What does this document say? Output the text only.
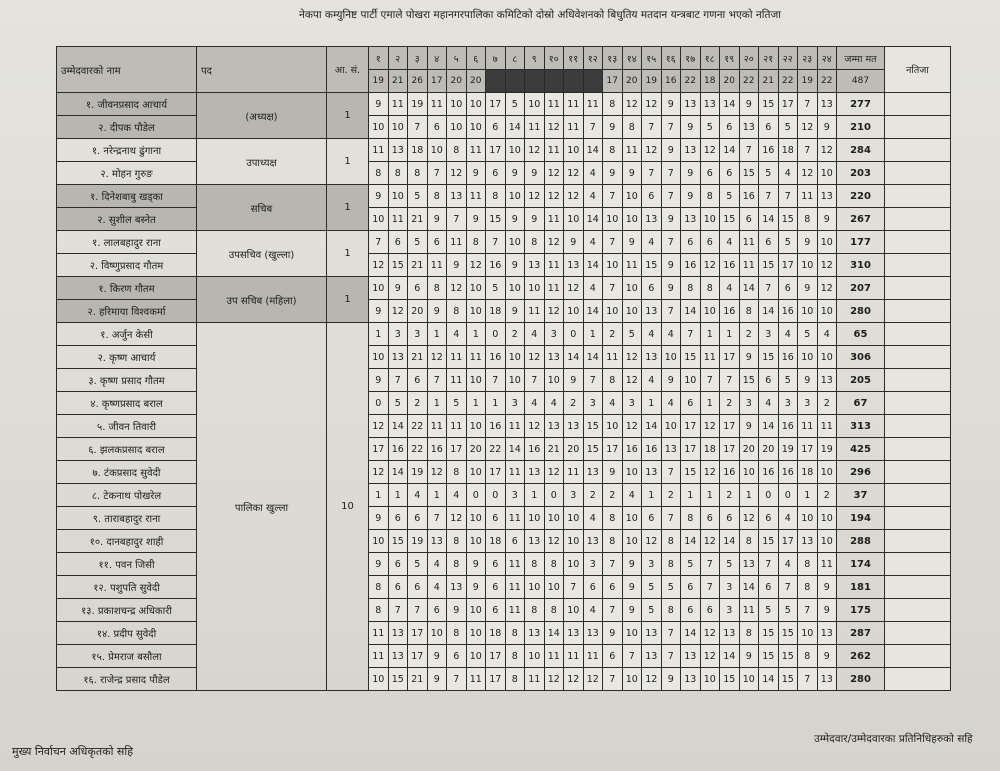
नेकपा कम्युनिष्ट पार्टी एमाले पोखरा महानगरपालिका कमिटिको दोस्रो अधिवेशनको बिधुतिय मतदान यन्त्रबाट गणना भएको नतिजा
उम्मेदवारको नाम	पद	आ. सं.	१	२	३	४	५	६	७	८	९	१०	११	१२	१३	१४	१५	१६	१७	१८	१९	२०	२१	२२	२३	२४	जम्मा मत	नतिजा
			19	21	26	17	20	20							17	20	19	16	22	18	20	22	21	22	19	22	487	
१. जीवनप्रसाद आचार्य	(अध्यक्ष)	1	9	11	19	11	10	10	17	5	10	11	11	11	8	12	12	9	13	13	14	9	15	17	7	13	277	
२. दीपक पौडेल			10	10	7	6	10	10	6	14	11	12	11	7	9	8	7	7	9	5	6	13	6	5	12	9	210	
१. नरेन्द्रनाथ ढुंगाना	उपाध्यक्ष	1	11	13	18	10	8	11	17	10	12	11	10	14	8	11	12	9	13	12	14	7	16	18	7	12	284	
२. मोहन गुरुङ			8	8	8	7	12	9	6	9	9	12	12	4	9	9	7	7	9	6	6	15	5	4	12	10	203	
१. दिनेशबाबु खड्का	सचिब	1	9	10	5	8	13	11	8	10	12	12	12	4	7	10	6	7	9	8	5	16	7	7	11	13	220	
२. सुशील बस्नेत			10	11	21	9	7	9	15	9	9	11	10	14	10	10	13	9	13	10	15	6	14	15	8	9	267	
१. लालबहादुर राना	उपसचिव (खुल्ला)	1	7	6	5	6	11	8	7	10	8	12	9	4	7	9	4	7	6	6	4	11	6	5	9	10	177	
२. विष्णुप्रसाद गौतम			12	15	21	11	9	12	16	9	13	11	13	14	10	11	15	9	16	12	16	11	15	17	10	12	310	
१. किरण गौतम	उप सचिब (महिला)	1	10	9	6	8	12	10	5	10	10	11	12	4	7	10	6	9	8	8	4	14	7	6	9	12	207	
२. हरिमाया विश्वकर्मा			9	12	20	9	8	10	18	9	11	12	10	14	10	10	13	7	14	10	16	8	14	16	10	10	280	
१. अर्जुन केसी	पालिका खुल्ला	10	1	3	3	1	4	1	0	2	4	3	0	1	2	5	4	4	7	1	1	2	3	4	5	4	65	
२. कृष्ण आचार्य			10	13	21	12	11	11	16	10	12	13	14	14	11	12	13	10	15	11	17	9	15	16	10	10	306	
३. कृष्ण प्रसाद गौतम			9	7	6	7	11	10	7	10	7	10	9	7	8	12	4	9	10	7	7	15	6	5	9	13	205	
४. कृष्णप्रसाद बराल			0	5	2	1	5	1	1	3	4	4	2	3	4	3	1	4	6	1	2	3	4	3	3	2	67	
५. जीवन तिवारी			12	14	22	11	11	10	16	11	12	13	13	15	10	12	14	10	17	12	17	9	14	16	11	11	313	
६. झलकप्रसाद बराल			17	16	22	16	17	20	22	14	16	21	20	15	17	16	16	13	17	18	17	20	20	19	17	19	425	
७. टंकप्रसाद सुवेदी			12	14	19	12	8	10	17	11	13	12	11	13	9	10	13	7	15	12	16	10	16	16	18	10	296	
८. टेकनाथ पोखरेल			1	1	4	1	4	0	0	3	1	0	3	2	2	4	1	2	1	1	2	1	0	0	1	2	37	
९. ताराबहादुर राना			9	6	6	7	12	10	6	11	10	10	10	4	8	10	6	7	8	6	6	12	6	4	10	10	194	
१०. दानबहादुर शाही			10	15	19	13	8	10	18	6	13	12	10	13	8	10	12	8	14	12	14	8	15	17	13	10	288	
११. पवन जिसी			9	6	5	4	8	9	6	11	8	8	10	3	7	9	3	8	5	7	5	13	7	4	8	11	174	
१२. पशुपति सुवेदी			8	6	6	4	13	9	6	11	10	10	7	6	6	9	5	5	6	7	3	14	6	7	8	9	181	
१३. प्रकाशचन्द्र अधिकारी			8	7	7	6	9	10	6	11	8	8	10	4	7	9	5	8	6	6	3	11	5	5	7	9	175	
१४. प्रदीप सुवेदी			11	13	17	10	8	10	18	8	13	14	13	13	9	10	13	7	14	12	13	8	15	15	10	13	287	
१५. प्रेमराज बसौला			11	13	17	9	6	10	17	8	10	11	11	11	6	7	13	7	13	12	14	9	15	15	8	9	262	
१६. राजेन्द्र प्रसाद पौडेल			10	15	21	9	7	11	17	8	11	12	12	12	7	10	12	9	13	10	15	10	14	15	7	13	280	
मुख्य निर्वाचन अधिकृतको सहि
उम्मेदवार/उम्मेदवारका प्रतिनिधिहरुको सहि
